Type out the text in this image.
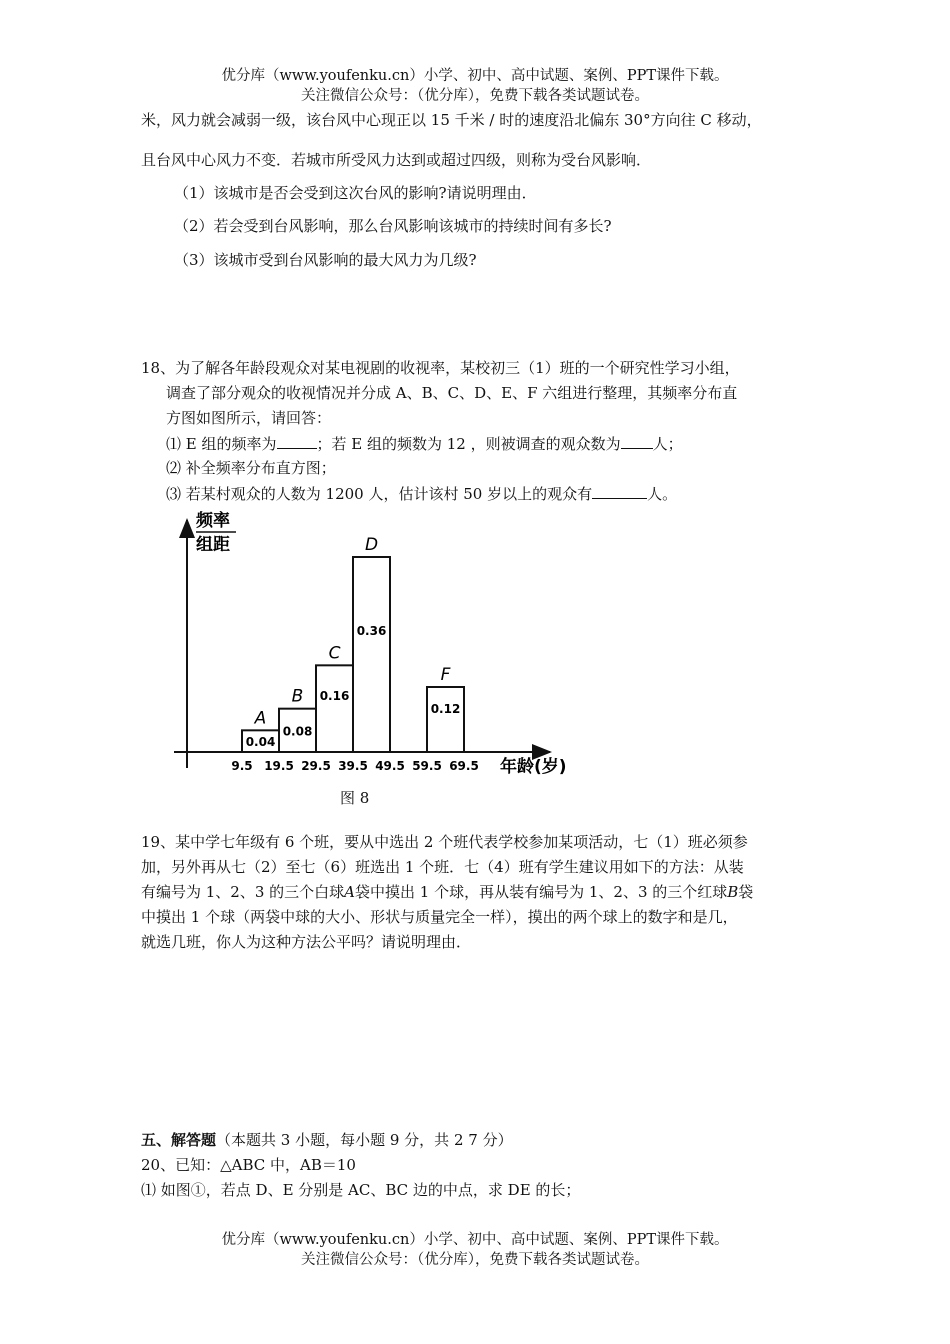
优分库（www.youfenku.cn）小学、初中、高中试题、案例、PPT课件下载。
关注微信公众号：（优分库），免费下载各类试题试卷。
米，风力就会减弱一级，该台风中心现正以 15 千米 / 时的速度沿北偏东 30°方向往 C 移动，
且台风中心风力不变．若城市所受风力达到或超过四级，则称为受台风影响．
（1）该城市是否会受到这次台风的影响?请说明理由．
（2）若会受到台风影响，那么台风影响该城市的持续时间有多长?
（3）该城市受到台风影响的最大风力为几级?
18、为了解各年龄段观众对某电视剧的收视率，某校初三（1）班的一个研究性学习小组，
调查了部分观众的收视情况并分成 A、B、C、D、E、F 六组进行整理，其频率分布直
方图如图所示，请回答：
⑴ E 组的频率为	；若 E 组的频数为 12 ，则被调查的观众数为 人；
⑵ 补全频率分布直方图；
⑶ 若某村观众的人数为 1200 人，估计该村 50 岁以上的观众有	人。
频率
组距
年龄(岁)
0.04
A
0.08
B 0.16
C
0.36
D
0.12
F
9.5 19.5 29.5 39.5 49.5 59.5 69.5
图 8
19、某中学七年级有 6 个班，要从中选出 2 个班代表学校参加某项活动，七（1）班必须参
加，另外再从七（2）至七（6）班选出 1 个班．七（4）班有学生建议用如下的方法：从装
有编号为 1、2、3 的三个白球A袋中摸出 1 个球，再从装有编号为 1、2、3 的三个红球B袋
中摸出 1 个球（两袋中球的大小、形状与质量完全一样），摸出的两个球上的数字和是几，
就选几班，你人为这种方法公平吗？请说明理由．
五、解答题（本题共 3 小题，每小题 9 分，共 2 7 分）
20、已知：△ABC 中，AB＝10
⑴ 如图①，若点 D、E 分别是 AC、BC 边的中点，求 DE 的长；
优分库（www.youfenku.cn）小学、初中、高中试题、案例、PPT课件下载。
关注微信公众号：（优分库），免费下载各类试题试卷。
